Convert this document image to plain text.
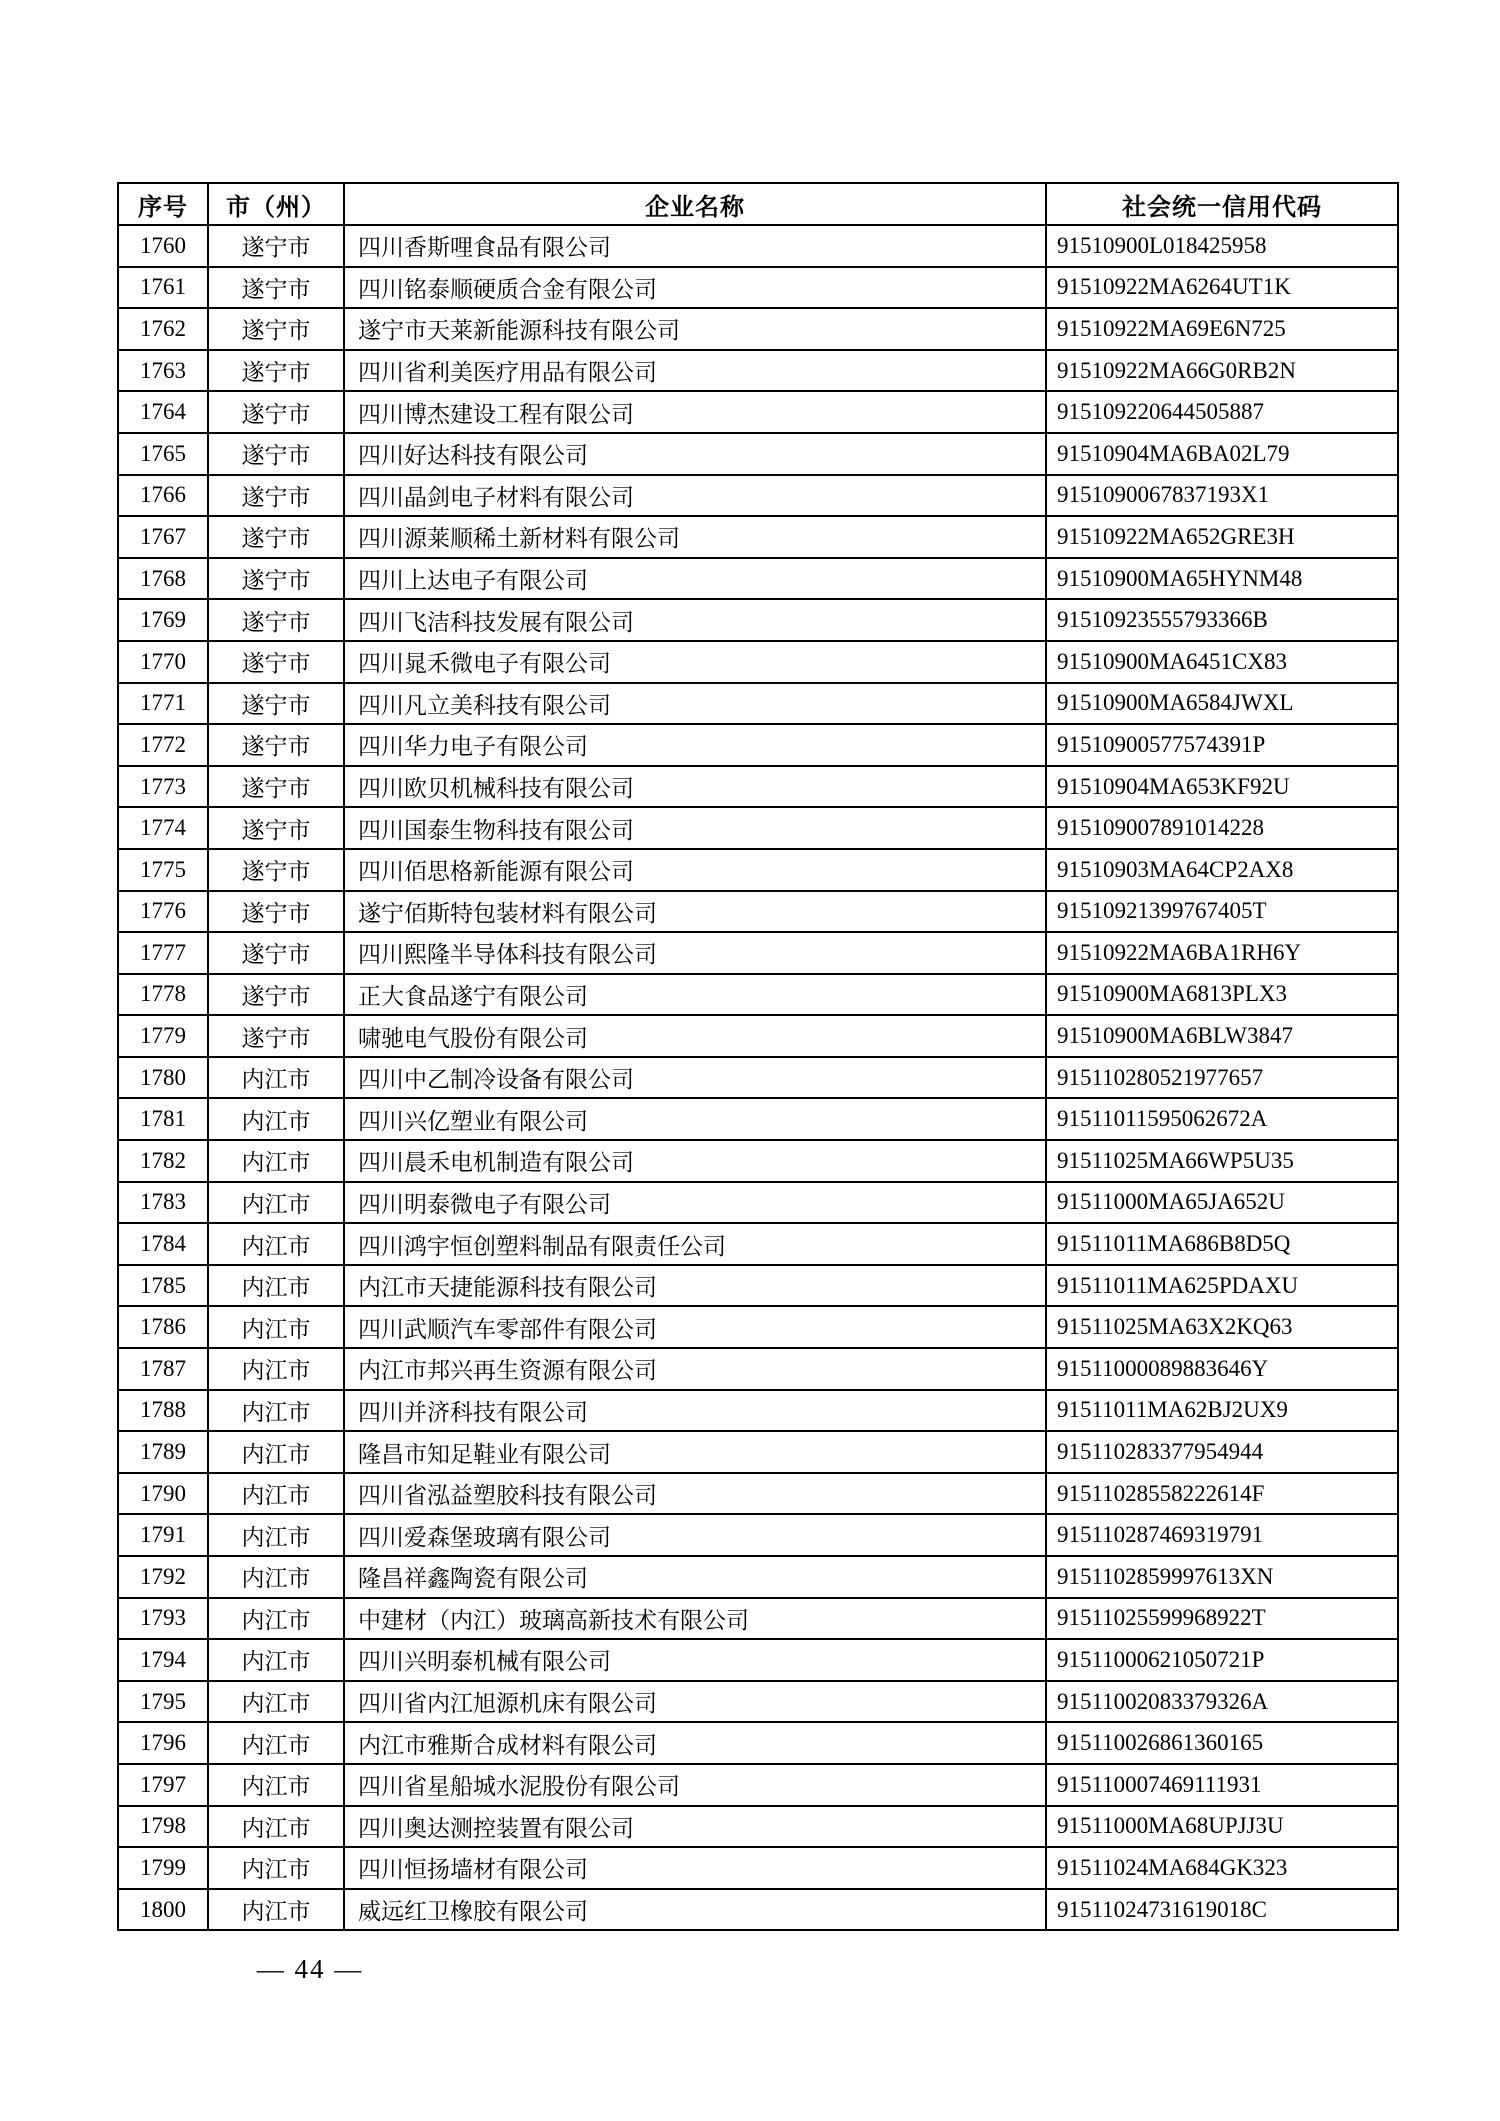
序号	市（州）	企业名称	社会统一信用代码
1760	遂宁市	四川香斯哩食品有限公司	91510900L018425958
1761	遂宁市	四川铭泰顺硬质合金有限公司	91510922MA6264UT1K
1762	遂宁市	遂宁市天莱新能源科技有限公司	91510922MA69E6N725
1763	遂宁市	四川省利美医疗用品有限公司	91510922MA66G0RB2N
1764	遂宁市	四川博杰建设工程有限公司	915109220644505887
1765	遂宁市	四川好达科技有限公司	91510904MA6BA02L79
1766	遂宁市	四川晶剑电子材料有限公司	9151090067837193X1
1767	遂宁市	四川源莱顺稀土新材料有限公司	91510922MA652GRE3H
1768	遂宁市	四川上达电子有限公司	91510900MA65HYNM48
1769	遂宁市	四川飞洁科技发展有限公司	91510923555793366B
1770	遂宁市	四川晁禾微电子有限公司	91510900MA6451CX83
1771	遂宁市	四川凡立美科技有限公司	91510900MA6584JWXL
1772	遂宁市	四川华力电子有限公司	91510900577574391P
1773	遂宁市	四川欧贝机械科技有限公司	91510904MA653KF92U
1774	遂宁市	四川国泰生物科技有限公司	915109007891014228
1775	遂宁市	四川佰思格新能源有限公司	91510903MA64CP2AX8
1776	遂宁市	遂宁佰斯特包装材料有限公司	91510921399767405T
1777	遂宁市	四川熙隆半导体科技有限公司	91510922MA6BA1RH6Y
1778	遂宁市	正大食品遂宁有限公司	91510900MA6813PLX3
1779	遂宁市	啸驰电气股份有限公司	91510900MA6BLW3847
1780	内江市	四川中乙制冷设备有限公司	915110280521977657
1781	内江市	四川兴亿塑业有限公司	91511011595062672A
1782	内江市	四川晨禾电机制造有限公司	91511025MA66WP5U35
1783	内江市	四川明泰微电子有限公司	91511000MA65JA652U
1784	内江市	四川鸿宇恒创塑料制品有限责任公司	91511011MA686B8D5Q
1785	内江市	内江市天捷能源科技有限公司	91511011MA625PDAXU
1786	内江市	四川武顺汽车零部件有限公司	91511025MA63X2KQ63
1787	内江市	内江市邦兴再生资源有限公司	91511000089883646Y
1788	内江市	四川并济科技有限公司	91511011MA62BJ2UX9
1789	内江市	隆昌市知足鞋业有限公司	915110283377954944
1790	内江市	四川省泓益塑胶科技有限公司	91511028558222614F
1791	内江市	四川爱森堡玻璃有限公司	915110287469319791
1792	内江市	隆昌祥鑫陶瓷有限公司	9151102859997613XN
1793	内江市	中建材（内江）玻璃高新技术有限公司	91511025599968922T
1794	内江市	四川兴明泰机械有限公司	91511000621050721P
1795	内江市	四川省内江旭源机床有限公司	91511002083379326A
1796	内江市	内江市雅斯合成材料有限公司	915110026861360165
1797	内江市	四川省星船城水泥股份有限公司	915110007469111931
1798	内江市	四川奥达测控装置有限公司	91511000MA68UPJJ3U
1799	内江市	四川恒扬墙材有限公司	91511024MA684GK323
1800	内江市	威远红卫橡胶有限公司	91511024731619018C
— 44 —
